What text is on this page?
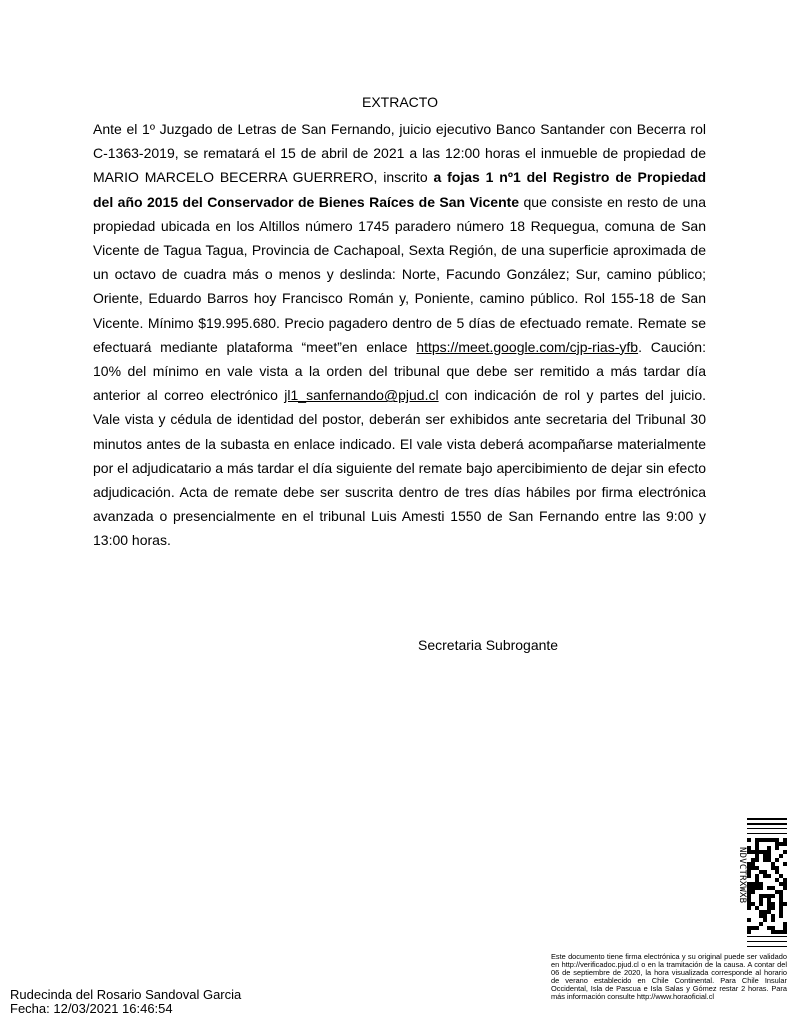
EXTRACTO

Ante el 1º Juzgado de Letras de San Fernando, juicio ejecutivo Banco Santander con Becerra rol C-1363-2019, se rematará el 15 de abril de 2021 a las 12:00 horas el inmueble de propiedad de MARIO MARCELO BECERRA GUERRERO, inscrito a fojas 1 nº1 del Registro de Propiedad del año 2015 del Conservador de Bienes Raíces de San Vicente que consiste en resto de una propiedad ubicada en los Altillos número 1745 paradero número 18 Requegua, comuna de San Vicente de Tagua Tagua, Provincia de Cachapoal, Sexta Región, de una superficie aproximada de un octavo de cuadra más o menos y deslinda: Norte, Facundo González; Sur, camino público; Oriente, Eduardo Barros hoy Francisco Román y, Poniente, camino público. Rol 155-18 de San Vicente. Mínimo $19.995.680. Precio pagadero dentro de 5 días de efectuado remate. Remate se efectuará mediante plataforma “meet”en enlace https://meet.google.com/cjp-rias-yfb. Caución: 10% del mínimo en vale vista a la orden del tribunal que debe ser remitido a más tardar día anterior al correo electrónico jl1_sanfernando@pjud.cl con indicación de rol y partes del juicio. Vale vista y cédula de identidad del postor, deberán ser exhibidos ante secretaria del Tribunal 30 minutos antes de la subasta en enlace indicado. El vale vista deberá acompañarse materialmente por el adjudicatario a más tardar el día siguiente del remate bajo apercibimiento de dejar sin efecto adjudicación. Acta de remate debe ser suscrita dentro de tres días hábiles por firma electrónica avanzada o presencialmente en el tribunal Luis Amesti 1550 de San Fernando entre las 9:00 y 13:00 horas.

Secretaria Subrogante

Rudecinda del Rosario Sandoval Garcia
Fecha: 12/03/2021 16:46:54
Este documento tiene firma electrónica y su original puede ser validado en http://verificadoc.pjud.cl o en la tramitación de la causa. A contar del 06 de septiembre de 2020, la hora visualizada corresponde al horario de verano establecido en Chile Continental. Para Chile Insular Occidental, Isla de Pascua e Isla Salas y Gómez restar 2 horas. Para más información consulte http://www.horaoficial.cl
NDVCTRXWXB
